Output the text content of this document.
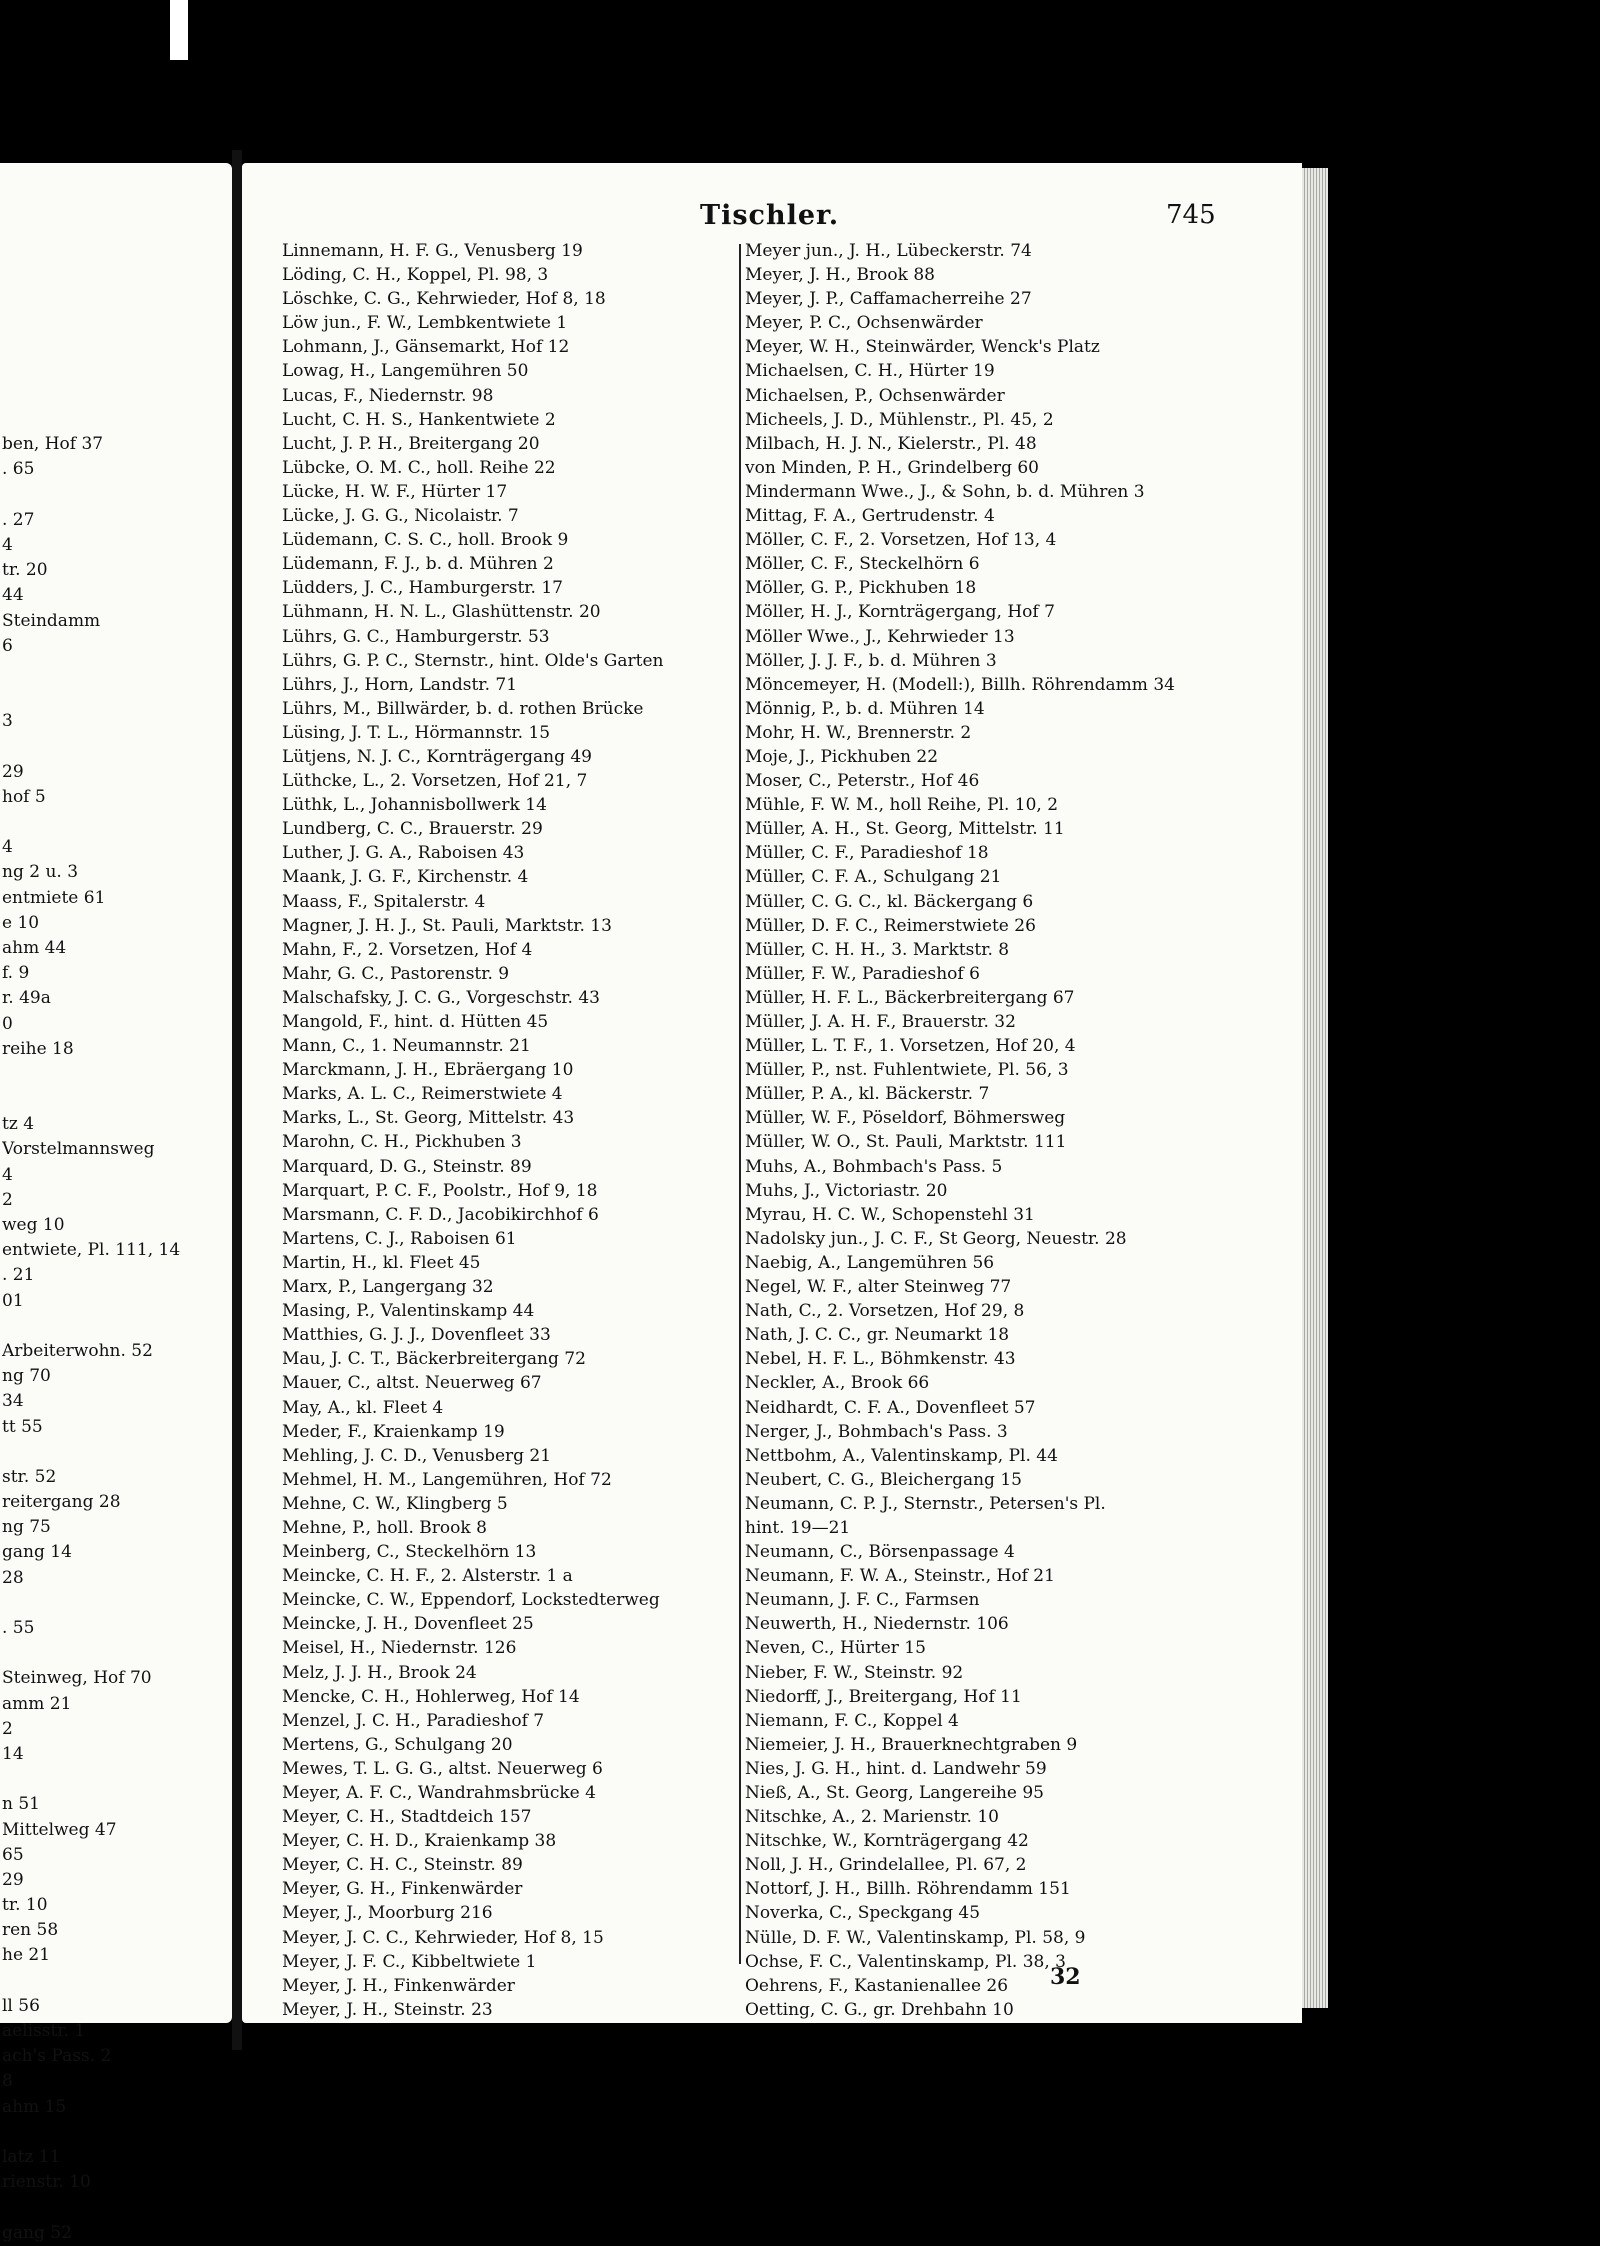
ben, Hof 37
. 65
. 27
4
tr. 20
44
Steindamm
6
3
29
hof 5
4
ng 2 u. 3
entmiete 61
e 10
ahm 44
f. 9
r. 49a
0
reihe 18
tz 4
Vorstelmannsweg
4
2
weg 10
entwiete, Pl. 111, 14
. 21
01
Arbeiterwohn. 52
ng 70
34
tt 55
str. 52
reitergang 28
ng 75
gang 14
28
. 55
Steinweg, Hof 70
amm 21
2
14
n 51
Mittelweg 47
65
29
tr. 10
ren 58
he 21
ll 56
aelisstr. 1
ach's Pass. 2
8
ahm 15
latz 11
rienstr. 10
gang 52
Tischler.	745
Linnemann, H. F. G., Venusberg 19
Löding, C. H., Koppel, Pl. 98, 3
Löschke, C. G., Kehrwieder, Hof 8, 18
Löw jun., F. W., Lembkentwiete 1
Lohmann, J., Gänsemarkt, Hof 12
Lowag, H., Langemühren 50
Lucas, F., Niedernstr. 98
Lucht, C. H. S., Hankentwiete 2
Lucht, J. P. H., Breitergang 20
Lübcke, O. M. C., holl. Reihe 22
Lücke, H. W. F., Hürter 17
Lücke, J. G. G., Nicolaistr. 7
Lüdemann, C. S. C., holl. Brook 9
Lüdemann, F. J., b. d. Mühren 2
Lüdders, J. C., Hamburgerstr. 17
Lühmann, H. N. L., Glashüttenstr. 20
Lührs, G. C., Hamburgerstr. 53
Lührs, G. P. C., Sternstr., hint. Olde's Garten
Lührs, J., Horn, Landstr. 71
Lührs, M., Billwärder, b. d. rothen Brücke
Lüsing, J. T. L., Hörmannstr. 15
Lütjens, N. J. C., Kornträgergang 49
Lüthcke, L., 2. Vorsetzen, Hof 21, 7
Lüthk, L., Johannisbollwerk 14
Lundberg, C. C., Brauerstr. 29
Luther, J. G. A., Raboisen 43
Maank, J. G. F., Kirchenstr. 4
Maass, F., Spitalerstr. 4
Magner, J. H. J., St. Pauli, Marktstr. 13
Mahn, F., 2. Vorsetzen, Hof 4
Mahr, G. C., Pastorenstr. 9
Malschafsky, J. C. G., Vorgeschstr. 43
Mangold, F., hint. d. Hütten 45
Mann, C., 1. Neumannstr. 21
Marckmann, J. H., Ebräergang 10
Marks, A. L. C., Reimerstwiete 4
Marks, L., St. Georg, Mittelstr. 43
Marohn, C. H., Pickhuben 3
Marquard, D. G., Steinstr. 89
Marquart, P. C. F., Poolstr., Hof 9, 18
Marsmann, C. F. D., Jacobikirchhof 6
Martens, C. J., Raboisen 61
Martin, H., kl. Fleet 45
Marx, P., Langergang 32
Masing, P., Valentinskamp 44
Matthies, G. J. J., Dovenfleet 33
Mau, J. C. T., Bäckerbreitergang 72
Mauer, C., altst. Neuerweg 67
May, A., kl. Fleet 4
Meder, F., Kraienkamp 19
Mehling, J. C. D., Venusberg 21
Mehmel, H. M., Langemühren, Hof 72
Mehne, C. W., Klingberg 5
Mehne, P., holl. Brook 8
Meinberg, C., Steckelhörn 13
Meincke, C. H. F., 2. Alsterstr. 1 a
Meincke, C. W., Eppendorf, Lockstedterweg
Meincke, J. H., Dovenfleet 25
Meisel, H., Niedernstr. 126
Melz, J. J. H., Brook 24
Mencke, C. H., Hohlerweg, Hof 14
Menzel, J. C. H., Paradieshof 7
Mertens, G., Schulgang 20
Mewes, T. L. G. G., altst. Neuerweg 6
Meyer, A. F. C., Wandrahmsbrücke 4
Meyer, C. H., Stadtdeich 157
Meyer, C. H. D., Kraienkamp 38
Meyer, C. H. C., Steinstr. 89
Meyer, G. H., Finkenwärder
Meyer, J., Moorburg 216
Meyer, J. C. C., Kehrwieder, Hof 8, 15
Meyer, J. F. C., Kibbeltwiete 1
Meyer, J. H., Finkenwärder
Meyer, J. H., Steinstr. 23
Meyer jun., J. H., Lübeckerstr. 74
Meyer, J. H., Brook 88
Meyer, J. P., Caffamacherreihe 27
Meyer, P. C., Ochsenwärder
Meyer, W. H., Steinwärder, Wenck's Platz
Michaelsen, C. H., Hürter 19
Michaelsen, P., Ochsenwärder
Micheels, J. D., Mühlenstr., Pl. 45, 2
Milbach, H. J. N., Kielerstr., Pl. 48
von Minden, P. H., Grindelberg 60
Mindermann Wwe., J., & Sohn, b. d. Mühren 3
Mittag, F. A., Gertrudenstr. 4
Möller, C. F., 2. Vorsetzen, Hof 13, 4
Möller, C. F., Steckelhörn 6
Möller, G. P., Pickhuben 18
Möller, H. J., Kornträgergang, Hof 7
Möller Wwe., J., Kehrwieder 13
Möller, J. J. F., b. d. Mühren 3
Möncemeyer, H. (Modell:), Billh. Röhrendamm 34
Mönnig, P., b. d. Mühren 14
Mohr, H. W., Brennerstr. 2
Moje, J., Pickhuben 22
Moser, C., Peterstr., Hof 46
Mühle, F. W. M., holl Reihe, Pl. 10, 2
Müller, A. H., St. Georg, Mittelstr. 11
Müller, C. F., Paradieshof 18
Müller, C. F. A., Schulgang 21
Müller, C. G. C., kl. Bäckergang 6
Müller, D. F. C., Reimerstwiete 26
Müller, C. H. H., 3. Marktstr. 8
Müller, F. W., Paradieshof 6
Müller, H. F. L., Bäckerbreitergang 67
Müller, J. A. H. F., Brauerstr. 32
Müller, L. T. F., 1. Vorsetzen, Hof 20, 4
Müller, P., nst. Fuhlentwiete, Pl. 56, 3
Müller, P. A., kl. Bäckerstr. 7
Müller, W. F., Pöseldorf, Böhmersweg
Müller, W. O., St. Pauli, Marktstr. 111
Muhs, A., Bohmbach's Pass. 5
Muhs, J., Victoriastr. 20
Myrau, H. C. W., Schopenstehl 31
Nadolsky jun., J. C. F., St Georg, Neuestr. 28
Naebig, A., Langemühren 56
Negel, W. F., alter Steinweg 77
Nath, C., 2. Vorsetzen, Hof 29, 8
Nath, J. C. C., gr. Neumarkt 18
Nebel, H. F. L., Böhmkenstr. 43
Neckler, A., Brook 66
Neidhardt, C. F. A., Dovenfleet 57
Nerger, J., Bohmbach's Pass. 3
Nettbohm, A., Valentinskamp, Pl. 44
Neubert, C. G., Bleichergang 15
Neumann, C. P. J., Sternstr., Petersen's Pl.
hint. 19—21
Neumann, C., Börsenpassage 4
Neumann, F. W. A., Steinstr., Hof 21
Neumann, J. F. C., Farmsen
Neuwerth, H., Niedernstr. 106
Neven, C., Hürter 15
Nieber, F. W., Steinstr. 92
Niedorff, J., Breitergang, Hof 11
Niemann, F. C., Koppel 4
Niemeier, J. H., Brauerknechtgraben 9
Nies, J. G. H., hint. d. Landwehr 59
Nieß, A., St. Georg, Langereihe 95
Nitschke, A., 2. Marienstr. 10
Nitschke, W., Kornträgergang 42
Noll, J. H., Grindelallee, Pl. 67, 2
Nottorf, J. H., Billh. Röhrendamm 151
Noverka, C., Speckgang 45
Nülle, D. F. W., Valentinskamp, Pl. 58, 9
Ochse, F. C., Valentinskamp, Pl. 38, 3
Oehrens, F., Kastanienallee 26
Oetting, C. G., gr. Drehbahn 10
32
